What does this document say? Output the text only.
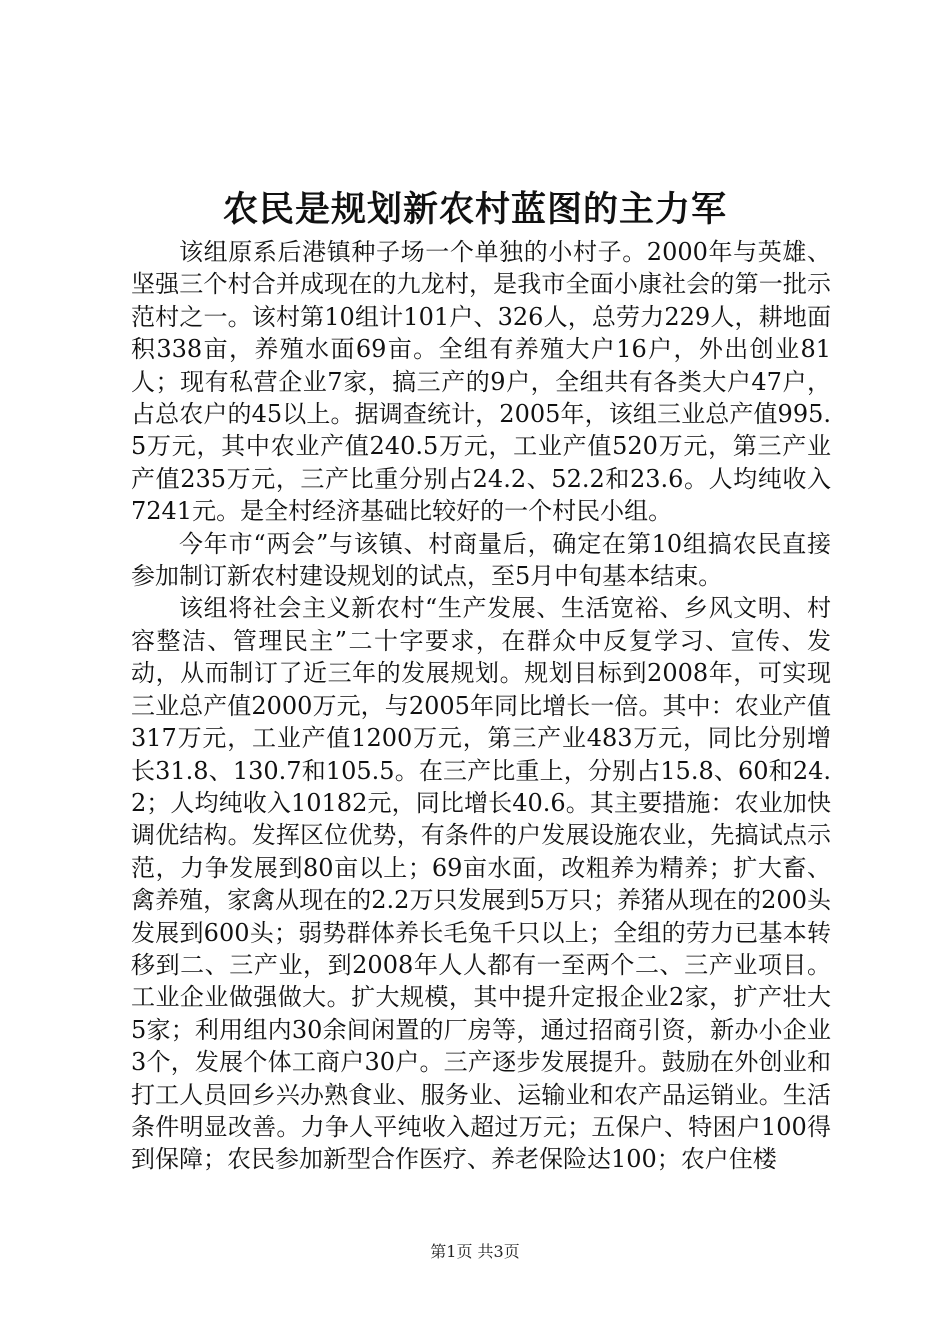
农民是规划新农村蓝图的主力军

该组原系后港镇种子场一个单独的小村子。2000年与英雄、坚强三个村合并成现在的九龙村，是我市全面小康社会的第一批示范村之一。该村第10组计101户、326人，总劳力229人，耕地面积338亩，养殖水面69亩。全组有养殖大户16户，外出创业81人；现有私营企业7家，搞三产的9户，全组共有各类大户47户，占总农户的45以上。据调查统计，2005年，该组三业总产值995.5万元，其中农业产值240.5万元，工业产值520万元，第三产业产值235万元，三产比重分别占24.2、52.2和23.6。人均纯收入7241元。是全村经济基础比较好的一个村民小组。

今年市“两会”与该镇、村商量后，确定在第10组搞农民直接参加制订新农村建设规划的试点，至5月中旬基本结束。

该组将社会主义新农村“生产发展、生活宽裕、乡风文明、村容整洁、管理民主”二十字要求，在群众中反复学习、宣传、发动，从而制订了近三年的发展规划。规划目标到2008年，可实现三业总产值2000万元，与2005年同比增长一倍。其中：农业产值317万元，工业产值1200万元，第三产业483万元，同比分别增长31.8、130.7和105.5。在三产比重上，分别占15.8、60和24.2；人均纯收入10182元，同比增长40.6。其主要措施：农业加快调优结构。发挥区位优势，有条件的户发展设施农业，先搞试点示范，力争发展到80亩以上；69亩水面，改粗养为精养；扩大畜、禽养殖，家禽从现在的2.2万只发展到5万只；养猪从现在的200头发展到600头；弱势群体养长毛兔千只以上；全组的劳力已基本转移到二、三产业，到2008年人人都有一至两个二、三产业项目。工业企业做强做大。扩大规模，其中提升定报企业2家，扩产壮大5家；利用组内30余间闲置的厂房等，通过招商引资，新办小企业3个，发展个体工商户30户。三产逐步发展提升。鼓励在外创业和打工人员回乡兴办熟食业、服务业、运输业和农产品运销业。生活条件明显改善。力争人平纯收入超过万元；五保户、特困户100得到保障；农民参加新型合作医疗、养老保险达100；农户住楼

第1页 共3页
